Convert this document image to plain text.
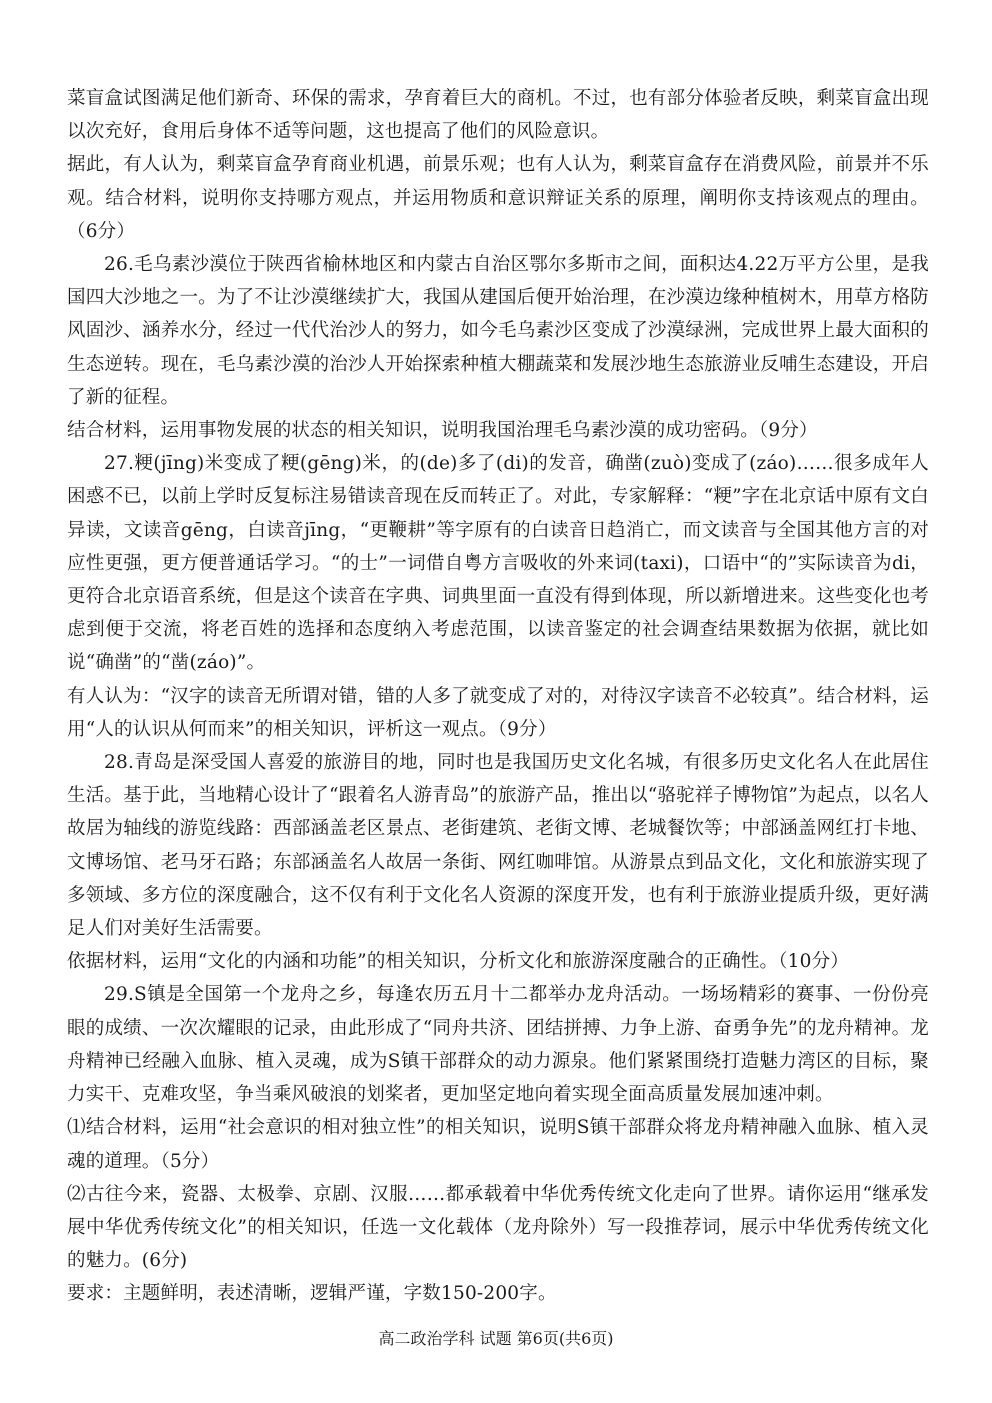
菜盲盒试图满足他们新奇、环保的需求，孕育着巨大的商机。不过，也有部分体验者反映，剩菜盲盒出现以次充好，食用后身体不适等问题，这也提高了他们的风险意识。

据此，有人认为，剩菜盲盒孕育商业机遇，前景乐观；也有人认为，剩菜盲盒存在消费风险，前景并不乐观。结合材料，说明你支持哪方观点，并运用物质和意识辩证关系的原理，阐明你支持该观点的理由。（6分）

26.毛乌素沙漠位于陕西省榆林地区和内蒙古自治区鄂尔多斯市之间，面积达4.22万平方公里，是我国四大沙地之一。为了不让沙漠继续扩大，我国从建国后便开始治理，在沙漠边缘种植树木，用草方格防风固沙、涵养水分，经过一代代治沙人的努力，如今毛乌素沙区变成了沙漠绿洲，完成世界上最大面积的生态逆转。现在，毛乌素沙漠的治沙人开始探索种植大棚蔬菜和发展沙地生态旅游业反哺生态建设，开启了新的征程。

结合材料，运用事物发展的状态的相关知识，说明我国治理毛乌素沙漠的成功密码。（9分）

27.粳(jīng)米变成了粳(gēng)米，的(de)多了(di)的发音，确凿(zuò)变成了(záo)……很多成年人困惑不已，以前上学时反复标注易错读音现在反而转正了。对此，专家解释：“粳”字在北京话中原有文白异读，文读音gēng，白读音jīng，“更鞭耕”等字原有的白读音日趋消亡，而文读音与全国其他方言的对应性更强，更方便普通话学习。“的士”一词借自粤方言吸收的外来词(taxi)，口语中“的”实际读音为di，更符合北京语音系统，但是这个读音在字典、词典里面一直没有得到体现，所以新增进来。这些变化也考虑到便于交流，将老百姓的选择和态度纳入考虑范围，以读音鉴定的社会调查结果数据为依据，就比如说“确凿”的“凿(záo)”。

有人认为：“汉字的读音无所谓对错，错的人多了就变成了对的，对待汉字读音不必较真”。结合材料，运用“人的认识从何而来”的相关知识，评析这一观点。（9分）

28.青岛是深受国人喜爱的旅游目的地，同时也是我国历史文化名城，有很多历史文化名人在此居住生活。基于此，当地精心设计了“跟着名人游青岛”的旅游产品，推出以“骆驼祥子博物馆”为起点，以名人故居为轴线的游览线路：西部涵盖老区景点、老街建筑、老街文博、老城餐饮等；中部涵盖网红打卡地、文博场馆、老马牙石路；东部涵盖名人故居一条街、网红咖啡馆。从游景点到品文化，文化和旅游实现了多领域、多方位的深度融合，这不仅有利于文化名人资源的深度开发，也有利于旅游业提质升级，更好满足人们对美好生活需要。

依据材料，运用“文化的内涵和功能”的相关知识，分析文化和旅游深度融合的正确性。（10分）

29.S镇是全国第一个龙舟之乡，每逢农历五月十二都举办龙舟活动。一场场精彩的赛事、一份份亮眼的成绩、一次次耀眼的记录，由此形成了“同舟共济、团结拼搏、力争上游、奋勇争先”的龙舟精神。龙舟精神已经融入血脉、植入灵魂，成为S镇干部群众的动力源泉。他们紧紧围绕打造魅力湾区的目标，聚力实干、克难攻坚，争当乘风破浪的划桨者，更加坚定地向着实现全面高质量发展加速冲刺。

⑴结合材料，运用“社会意识的相对独立性”的相关知识，说明S镇干部群众将龙舟精神融入血脉、植入灵魂的道理。（5分）

⑵古往今来，瓷器、太极拳、京剧、汉服……都承载着中华优秀传统文化走向了世界。请你运用“继承发展中华优秀传统文化”的相关知识，任选一文化载体（龙舟除外）写一段推荐词，展示中华优秀传统文化的魅力。(6分)

要求：主题鲜明，表述清晰，逻辑严谨，字数150-200字。

高二政治学科 试题 第6页(共6页)
